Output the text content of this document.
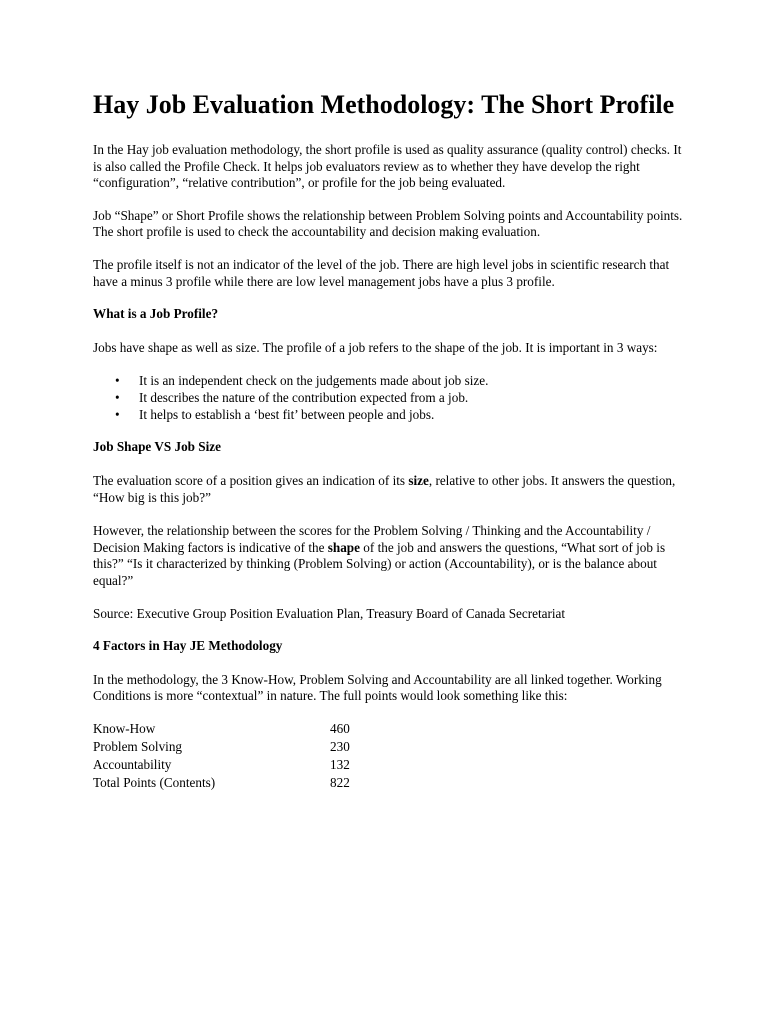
Hay Job Evaluation Methodology: The Short Profile

In the Hay job evaluation methodology, the short profile is used as quality assurance (quality control) checks. It is also called the Profile Check. It helps job evaluators review as to whether they have develop the right “configuration”, “relative contribution”, or profile for the job being evaluated.

Job “Shape” or Short Profile shows the relationship between Problem Solving points and Accountability points. The short profile is used to check the accountability and decision making evaluation.

The profile itself is not an indicator of the level of the job. There are high level jobs in scientific research that have a minus 3 profile while there are low level management jobs have a plus 3 profile.

What is a Job Profile?

Jobs have shape as well as size. The profile of a job refers to the shape of the job. It is important in 3 ways:

• It is an independent check on the judgements made about job size.
• It describes the nature of the contribution expected from a job.
• It helps to establish a ‘best fit’ between people and jobs.

Job Shape VS Job Size

The evaluation score of a position gives an indication of its size, relative to other jobs. It answers the question, “How big is this job?”

However, the relationship between the scores for the Problem Solving / Thinking and the Accountability / Decision Making factors is indicative of the shape of the job and answers the questions, “What sort of job is this?” “Is it characterized by thinking (Problem Solving) or action (Accountability), or is the balance about equal?”

Source: Executive Group Position Evaluation Plan, Treasury Board of Canada Secretariat

4 Factors in Hay JE Methodology

In the methodology, the 3 Know-How, Problem Solving and Accountability are all linked together. Working Conditions is more “contextual” in nature. The full points would look something like this:

Know-How	460
Problem Solving	230
Accountability	132
Total Points (Contents)	822
